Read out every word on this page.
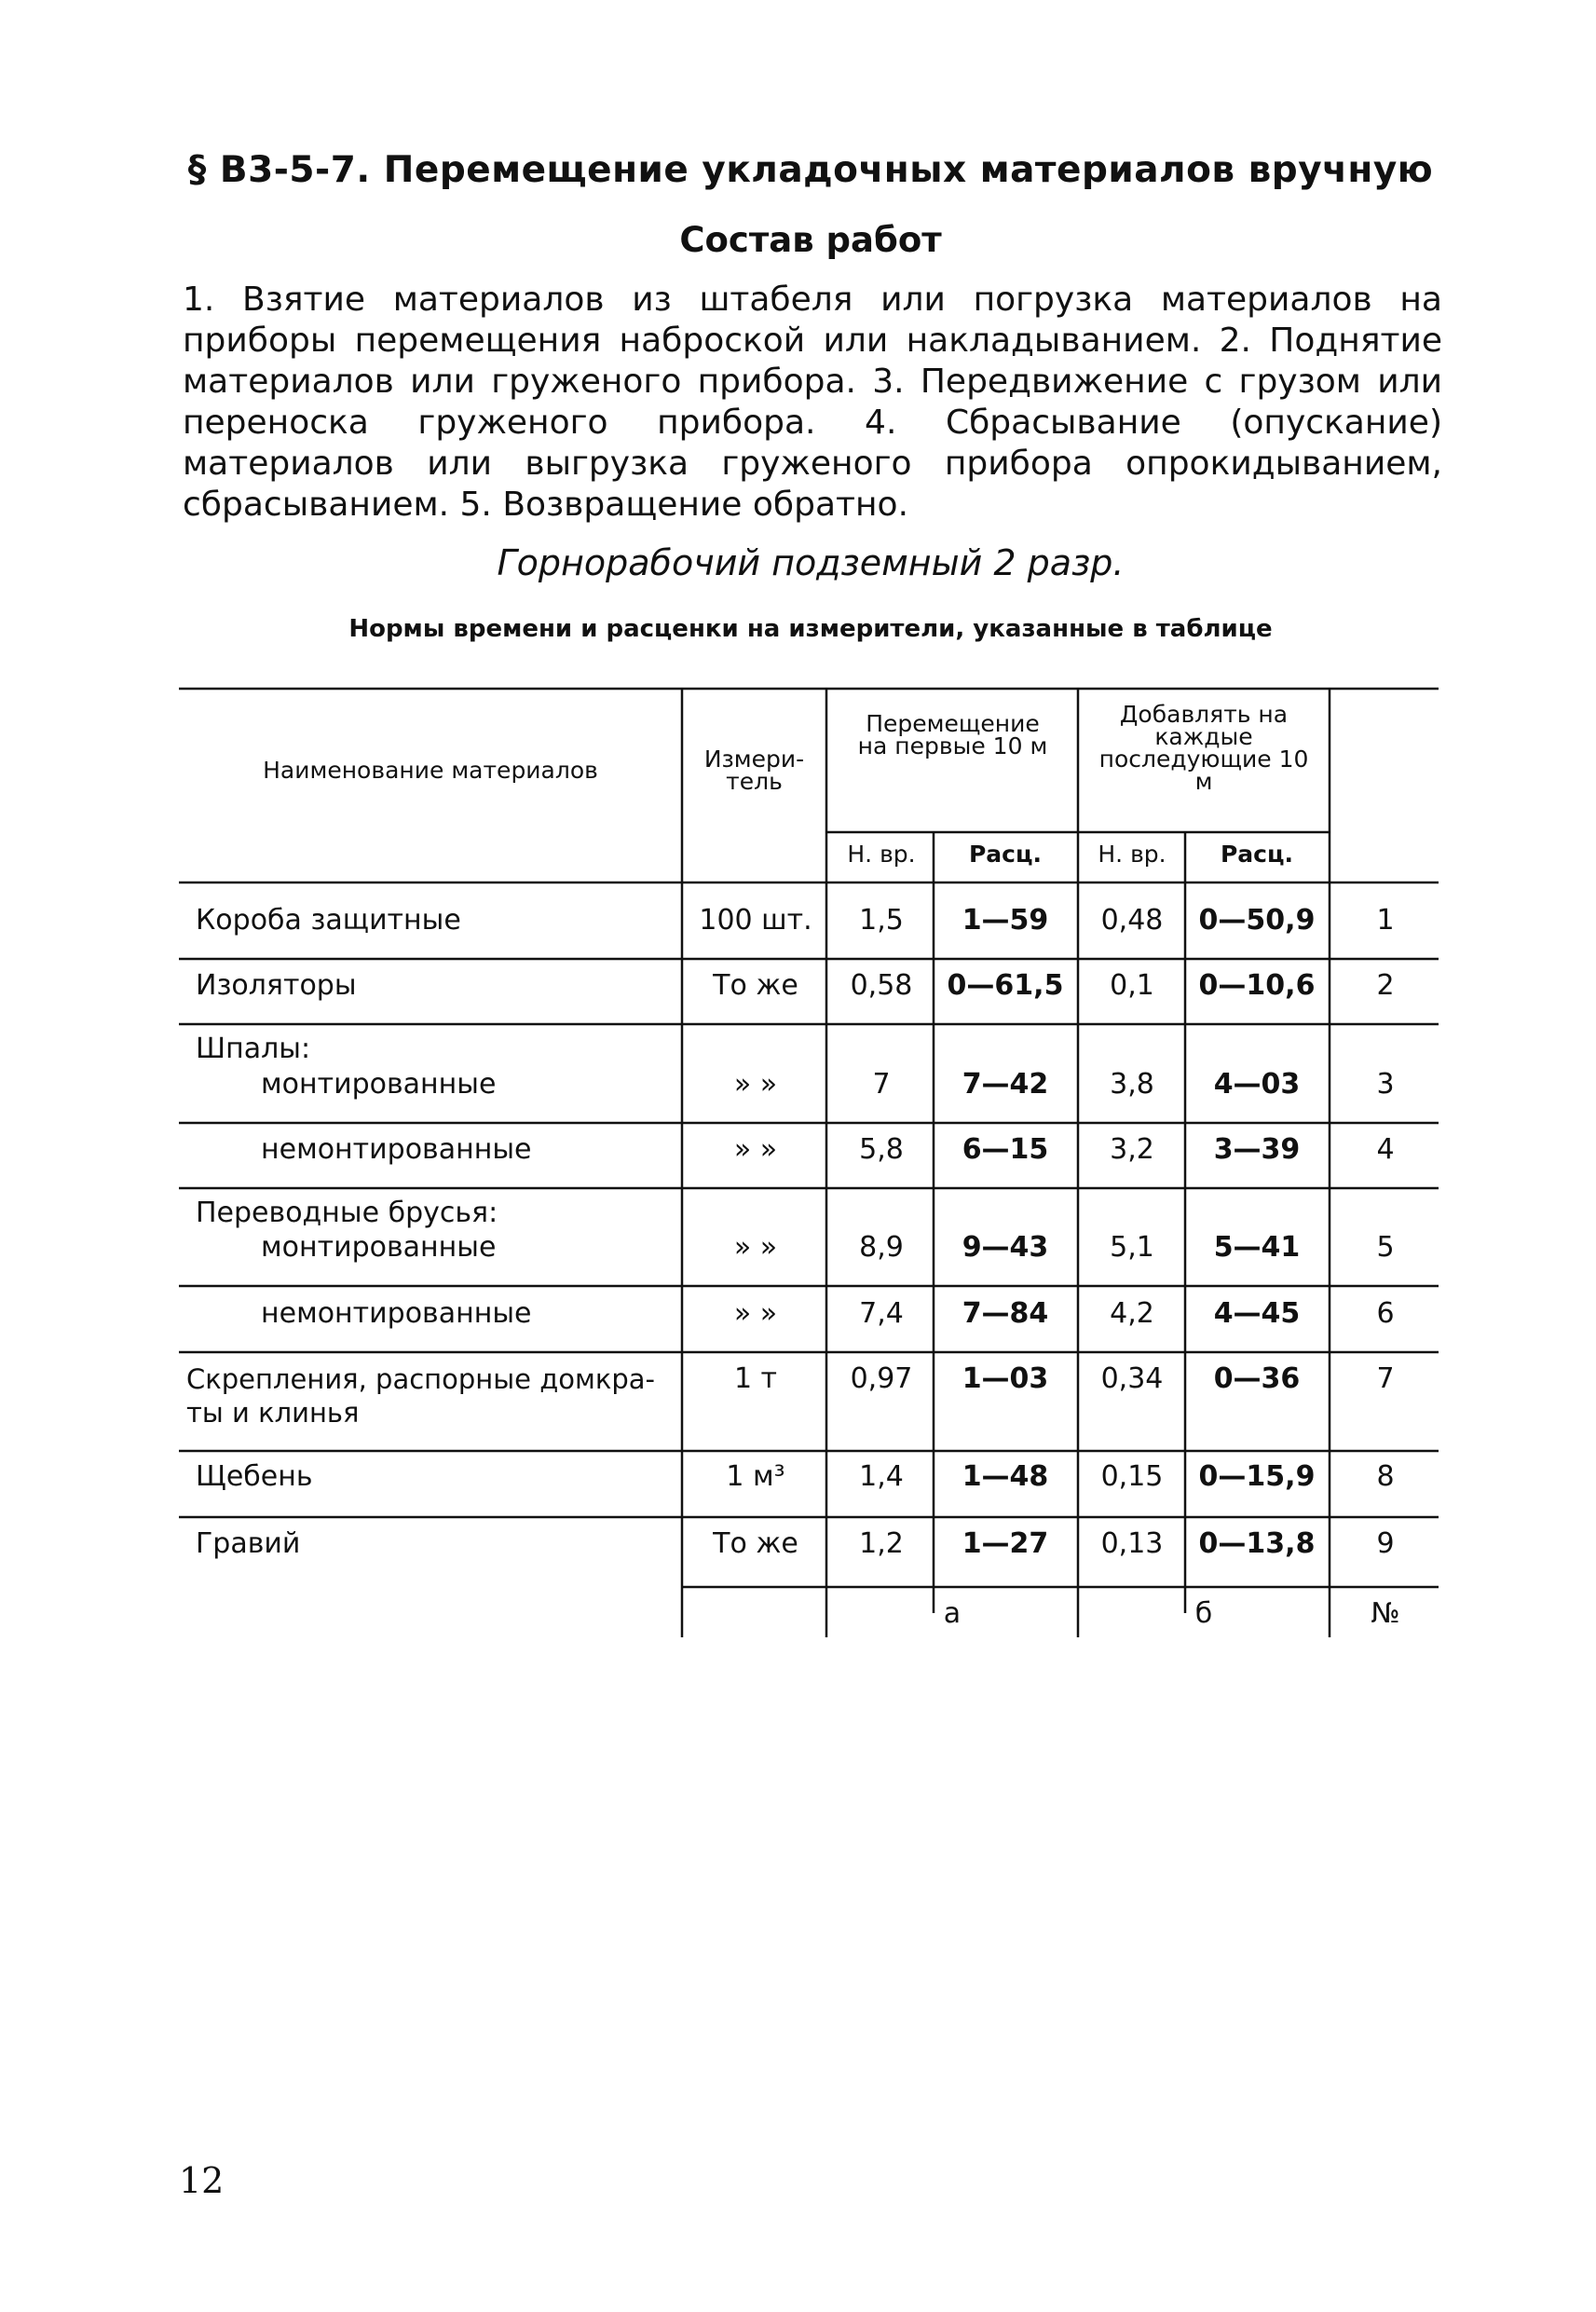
§ В3-5-7. Перемещение укладочных материалов вручную
Состав работ

1. Взятие материалов из штабеля или погрузка материалов на приборы перемещения наброской или накладыванием. 2. Поднятие материалов или груженого прибора. 3. Передвижение с грузом или переноска груженого прибора. 4. Сбрасывание (опускание) материалов или выгрузка груженого прибора опрокидыванием, сбрасыванием. 5. Возвращение обратно.

Горнорабочий подземный 2 разр.
Нормы времени и расценки на измерители, указанные в таблице
Наименование материалов	Измери-тель
Перемещение на первые 10 м
Добавлять на каждые последующие 10 м
Н. вр.	Расц.	Н. вр.	Расц.
Короба защитные	100 шт.	1,5	1—59	0,48	0—50,9	1
Изоляторы	То же	0,58	0—61,5	0,1	0—10,6	2
Шпалы:
монтированные	» »	7	7—42	3,8	4—03	3
немонтированные	» »	5,8	6—15	3,2	3—39	4
Переводные брусья:
монтированные	» »	8,9	9—43	5,1	5—41	5
немонтированные	» »	7,4	7—84	4,2	4—45	6
Скрепления, распорные домкра-
ты и клинья
1 т	0,97	1—03	0,34	0—36	7
Щебень	1 м³	1,4	1—48	0,15	0—15,9	8
Гравий	То же	1,2	1—27	0,13	0—13,8	9
а	б	№
12
